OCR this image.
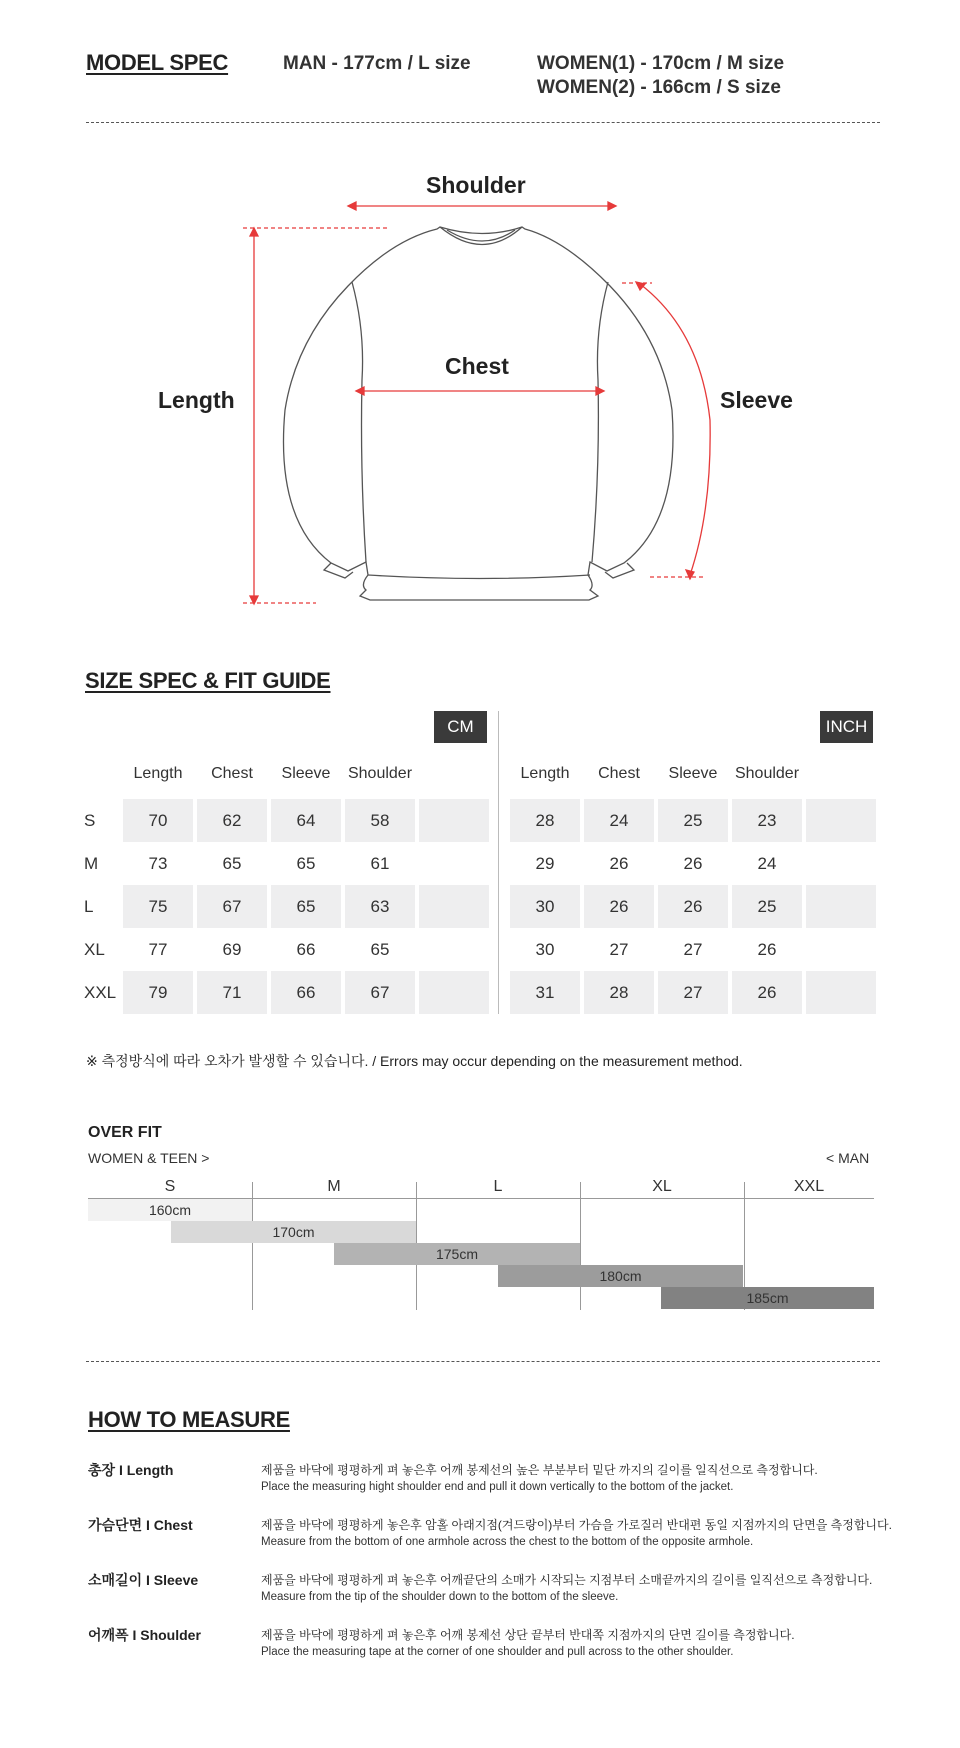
MODEL SPEC	MAN - 177cm / L size	WOMEN(1) - 170cm / M size
WOMEN(2) - 166cm / S size
Shoulder
Chest
Length	Sleeve
SIZE SPEC & FIT GUIDE
CM	INCH
Length	Length
Chest	Chest
Sleeve	Sleeve
Shoulder	Shoulder
S	70	62	64	58	28	24	25	23
M	73	65	65	61	29	26	26	24
L	75	67	65	63	30	26	26	25
XL	77	69	66	65	30	27	27	26
XXL	79	71	66	67	31	28	27	26
※ 측정방식에 따라 오차가 발생할 수 있습니다. / Errors may occur depending on the measurement method.
OVER FIT
WOMEN & TEEN >	< MAN
S	M	L	XL	XXL
160cm
170cm
175cm
180cm
185cm
HOW TO MEASURE
총장 I Length	제품을 바닥에 평평하게 펴 놓은후 어깨 봉제선의 높은 부분부터 밑단 까지의 길이를 일직선으로 측정합니다.
Place the measuring hight shoulder end and pull it down vertically to the bottom of the jacket.
가슴단면 I Chest	제품을 바닥에 평평하게 놓은후 암홀 아래지점(겨드랑이)부터 가슴을 가로질러 반대편 동일 지점까지의 단면을 측정합니다.
Measure from the bottom of one armhole across the chest to the bottom of the opposite armhole.
소매길이 I Sleeve	제품을 바닥에 평평하게 펴 놓은후 어깨끝단의 소매가 시작되는 지점부터 소매끝까지의 길이를 일직선으로 측정합니다.
Measure from the tip of the shoulder down to the bottom of the sleeve.
어깨폭 I Shoulder	제품을 바닥에 평평하게 펴 놓은후 어깨 봉제선 상단 끝부터 반대쪽 지점까지의 단면 길이를 측정합니다.
Place the measuring tape at the corner of one shoulder and pull across to the other shoulder.
